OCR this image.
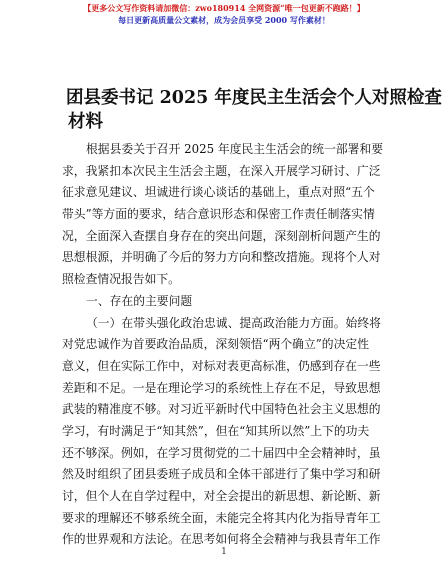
【更多公文写作资料请加微信：zwo180914 全网资源“唯一包更新不跑路！】
每日更新高质量公文素材，成为会员享受 2000 写作素材！
团县委书记 2025 年度民主生活会个人对照检查
材料
根据县委关于召开 2025 年度民主生活会的统一部署和要
求，我紧扣本次民主生活会主题，在深入开展学习研讨、广泛
征求意见建议、坦诚进行谈心谈话的基础上，重点对照“五个
带头”等方面的要求，结合意识形态和保密工作责任制落实情
况，全面深入查摆自身存在的突出问题，深刻剖析问题产生的
思想根源，并明确了今后的努力方向和整改措施。现将个人对
照检查情况报告如下。
一、存在的主要问题
（一）在带头强化政治忠诚、提高政治能力方面。始终将
对党忠诚作为首要政治品质，深刻领悟“两个确立”的决定性
意义，但在实际工作中，对标对表更高标准，仍感到存在一些
差距和不足。一是在理论学习的系统性上存在不足，导致思想
武装的精准度不够。对习近平新时代中国特色社会主义思想的
学习，有时满足于“知其然”，但在“知其所以然”上下的功夫
还不够深。例如，在学习贯彻党的二十届四中全会精神时，虽
然及时组织了团县委班子成员和全体干部进行了集中学习和研
讨，但个人在自学过程中，对全会提出的新思想、新论断、新
要求的理解还不够系统全面，未能完全将其内化为指导青年工
作的世界观和方法论。在思考如何将全会精神与我县青年工作
1
